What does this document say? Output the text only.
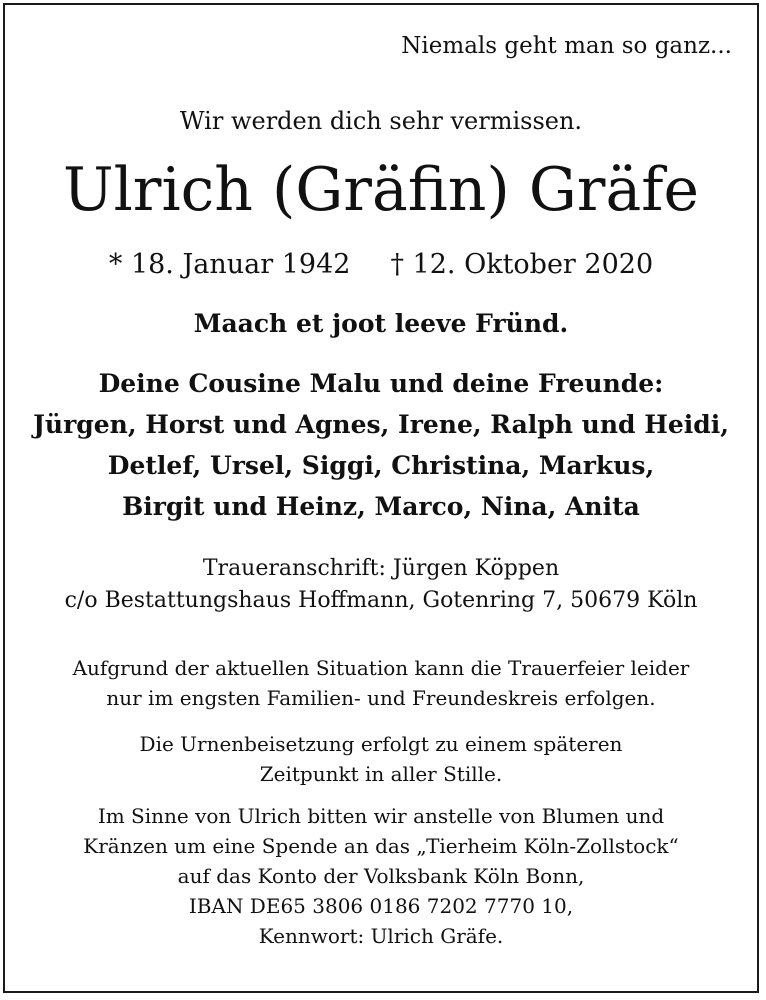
Niemals geht man so ganz...
Wir werden dich sehr vermissen.
Ulrich (Gräfin) Gräfe
* 18. Januar 1942 † 12. Oktober 2020
Maach et joot leeve Fründ.
Deine Cousine Malu und deine Freunde:
Jürgen, Horst und Agnes, Irene, Ralph und Heidi,
Detlef, Ursel, Siggi, Christina, Markus,
Birgit und Heinz, Marco, Nina, Anita
Traueranschrift: Jürgen Köppen
c/o Bestattungshaus Hoffmann, Gotenring 7, 50679 Köln
Aufgrund der aktuellen Situation kann die Trauerfeier leider
nur im engsten Familien- und Freundeskreis erfolgen.
Die Urnenbeisetzung erfolgt zu einem späteren
Zeitpunkt in aller Stille.
Im Sinne von Ulrich bitten wir anstelle von Blumen und
Kränzen um eine Spende an das „Tierheim Köln-Zollstock“
auf das Konto der Volksbank Köln Bonn,
IBAN DE65 3806 0186 7202 7770 10,
Kennwort: Ulrich Gräfe.
